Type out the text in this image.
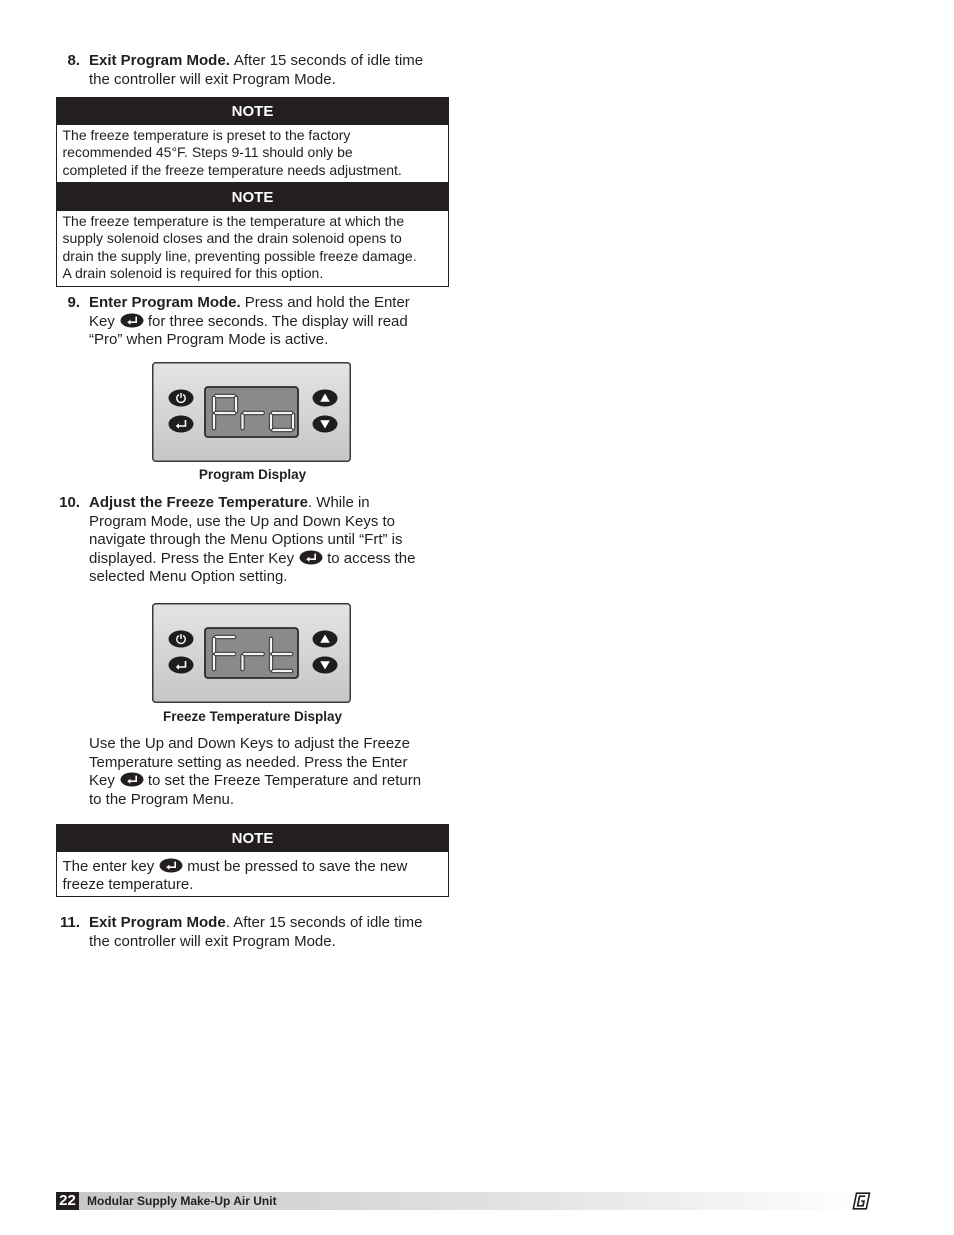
8. Exit Program Mode. After 15 seconds of idle time
the controller will exit Program Mode.
NOTE
The freeze temperature is preset to the factory
recommended 45°F. Steps 9-11 should only be
completed if the freeze temperature needs adjustment.
NOTE
The freeze temperature is the temperature at which the
supply solenoid closes and the drain solenoid opens to
drain the supply line, preventing possible freeze damage.
A drain solenoid is required for this option.
9. Enter Program Mode. Press and hold the Enter
Key for three seconds. The display will read
“Pro” when Program Mode is active.
Program Display
10. Adjust the Freeze Temperature. While in
Program Mode, use the Up and Down Keys to
navigate through the Menu Options until “Frt” is
displayed. Press the Enter Key to access the
selected Menu Option setting.
Freeze Temperature Display
Use the Up and Down Keys to adjust the Freeze
Temperature setting as needed. Press the Enter
Key to set the Freeze Temperature and return
to the Program Menu.
NOTE
The enter key must be pressed to save the new
freeze temperature.
11. Exit Program Mode. After 15 seconds of idle time
the controller will exit Program Mode.
22 Modular Supply Make-Up Air Unit
